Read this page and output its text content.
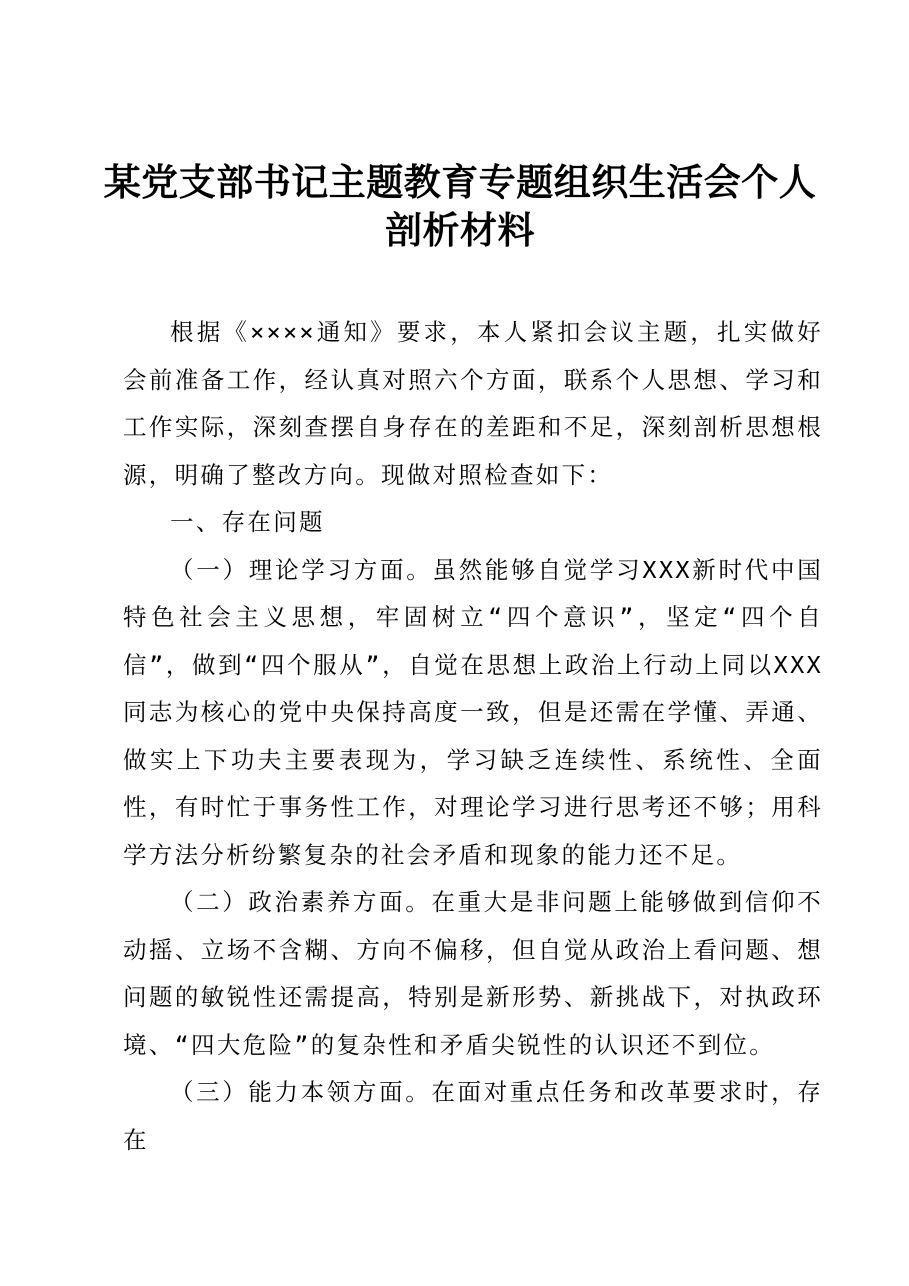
某党支部书记主题教育专题组织生活会个人剖析材料

根据《××××通知》要求，本人紧扣会议主题，扎实做好会前准备工作，经认真对照六个方面，联系个人思想、学习和工作实际，深刻查摆自身存在的差距和不足，深刻剖析思想根源，明确了整改方向。现做对照检查如下：

一、存在问题

（一）理论学习方面。虽然能够自觉学习XXX新时代中国特色社会主义思想，牢固树立“四个意识”，坚定“四个自信”，做到“四个服从”，自觉在思想上政治上行动上同以XXX同志为核心的党中央保持高度一致，但是还需在学懂、弄通、做实上下功夫主要表现为，学习缺乏连续性、系统性、全面性，有时忙于事务性工作，对理论学习进行思考还不够；用科学方法分析纷繁复杂的社会矛盾和现象的能力还不足。

（二）政治素养方面。在重大是非问题上能够做到信仰不动摇、立场不含糊、方向不偏移，但自觉从政治上看问题、想问题的敏锐性还需提高，特别是新形势、新挑战下，对执政环境、“四大危险”的复杂性和矛盾尖锐性的认识还不到位。

（三）能力本领方面。在面对重点任务和改革要求时，存在
